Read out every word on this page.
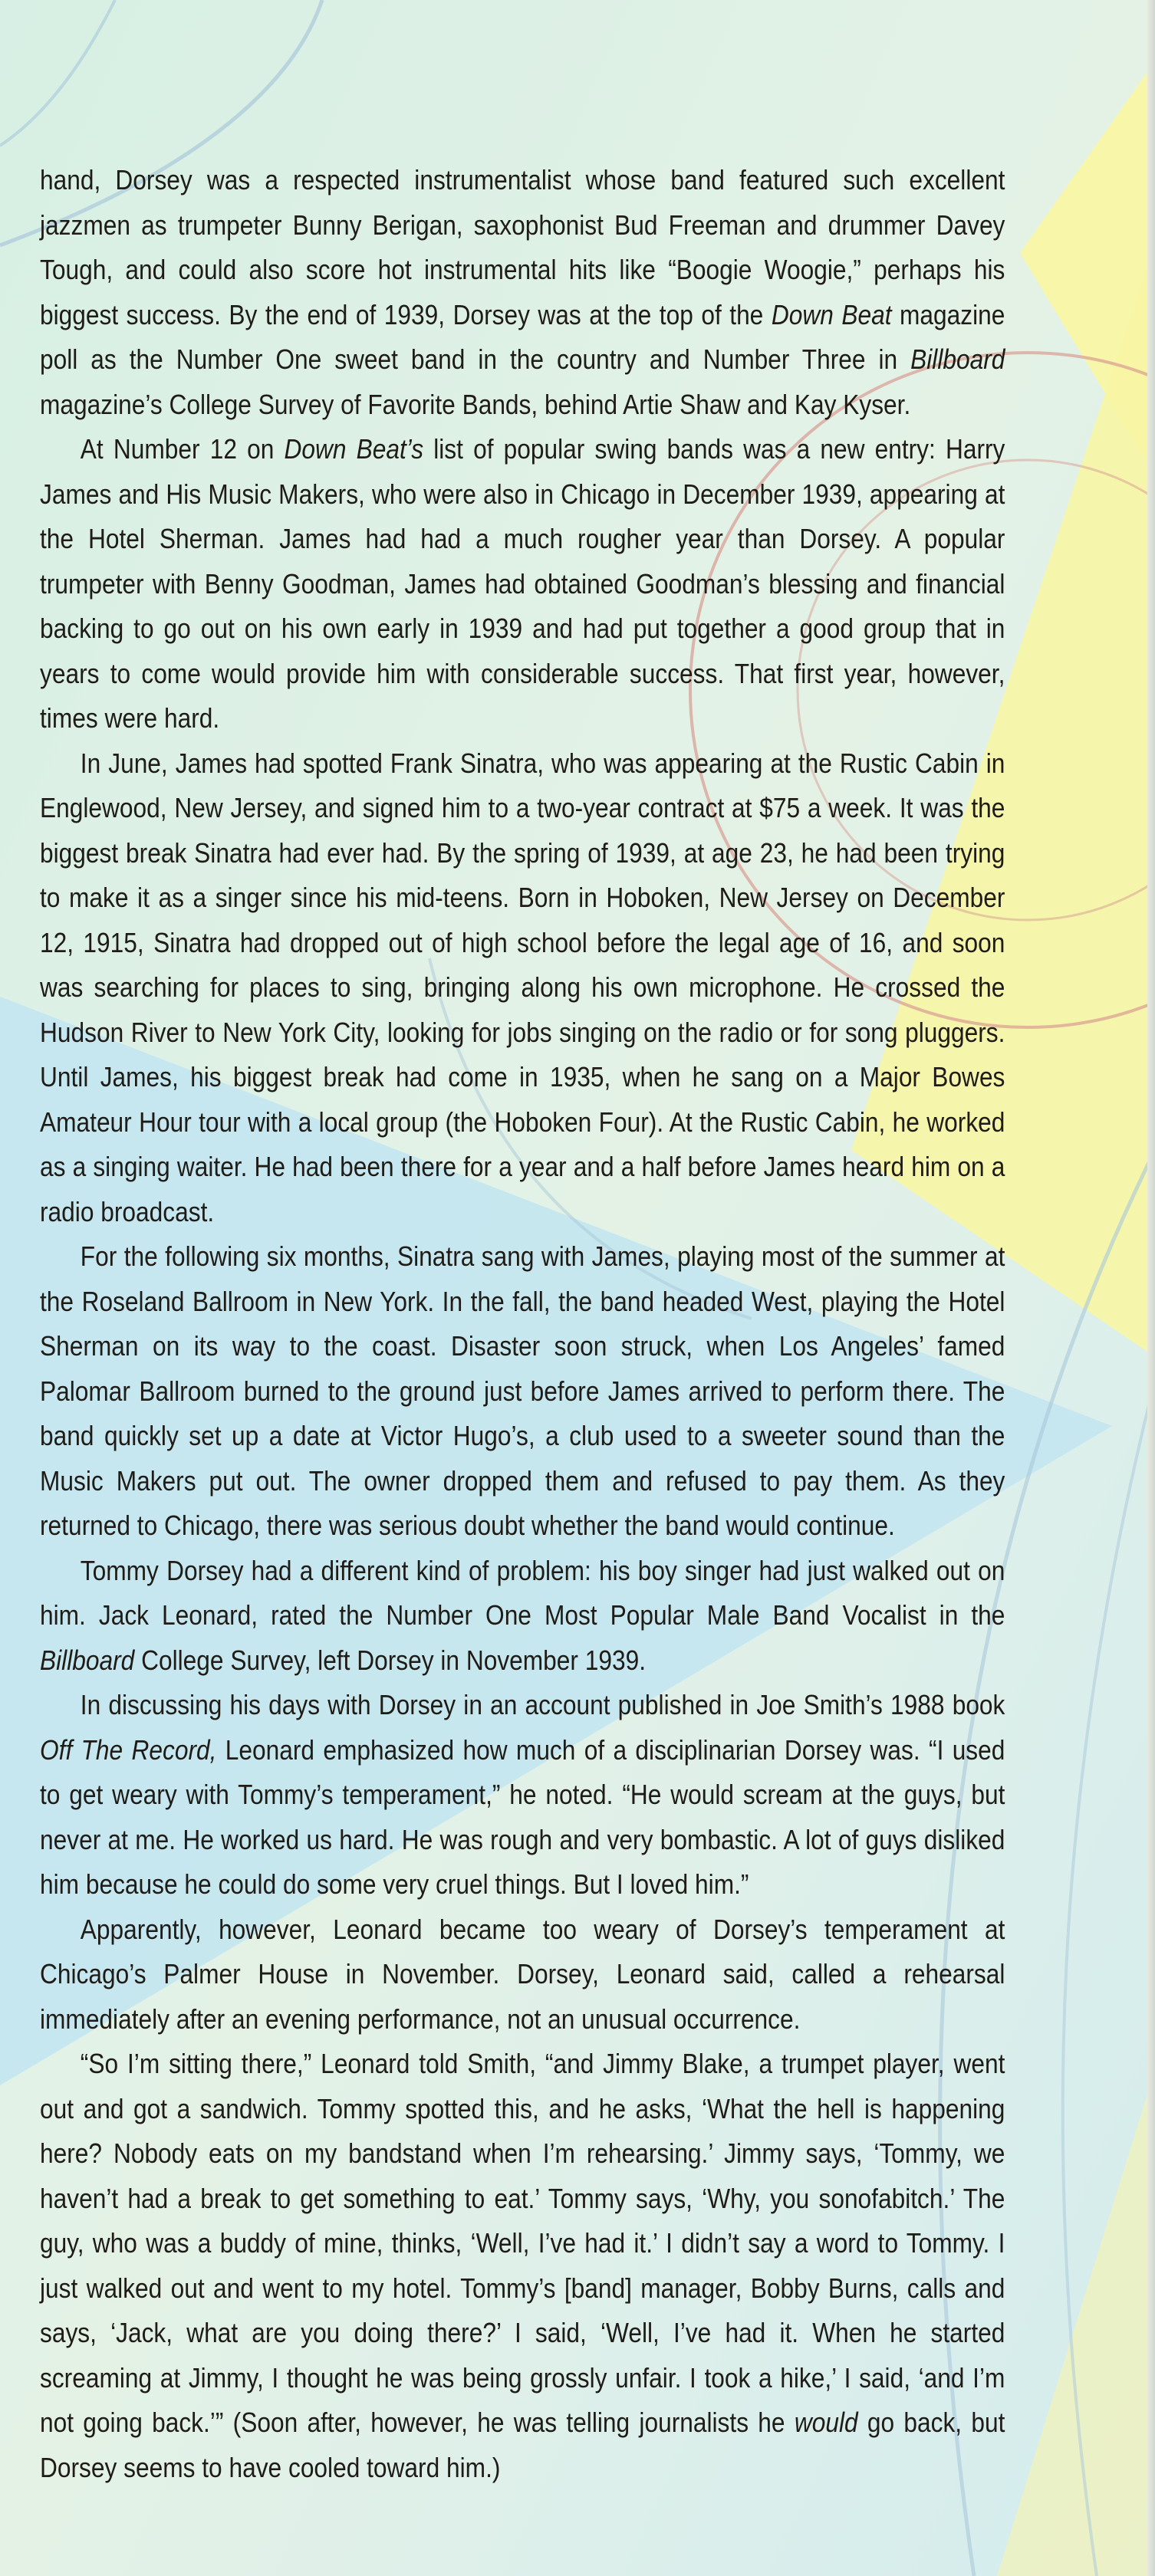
hand, Dorsey was a respected instrumentalist whose band featured such excellent jazzmen as trumpeter Bunny Berigan, saxophonist Bud Freeman and drummer Davey Tough, and could also score hot instrumental hits like “Boogie Woogie,” perhaps his biggest success. By the end of 1939, Dorsey was at the top of the Down Beat magazine poll as the Number One sweet band in the country and Number Three in Billboard magazine’s College Survey of Favorite Bands, behind Artie Shaw and Kay Kyser.

At Number 12 on Down Beat’s list of popular swing bands was a new entry: Harry James and His Music Makers, who were also in Chicago in December 1939, appearing at the Hotel Sherman. James had had a much rougher year than Dorsey. A popular trumpeter with Benny Goodman, James had obtained Goodman’s blessing and financial backing to go out on his own early in 1939 and had put together a good group that in years to come would provide him with considerable success. That first year, however, times were hard.

In June, James had spotted Frank Sinatra, who was appearing at the Rustic Cabin in Englewood, New Jersey, and signed him to a two-year contract at $75 a week. It was the biggest break Sinatra had ever had. By the spring of 1939, at age 23, he had been trying to make it as a singer since his mid-teens. Born in Hoboken, New Jersey on December 12, 1915, Sinatra had dropped out of high school before the legal age of 16, and soon was searching for places to sing, bringing along his own microphone. He crossed the Hudson River to New York City, looking for jobs singing on the radio or for song pluggers. Until James, his biggest break had come in 1935, when he sang on a Major Bowes Amateur Hour tour with a local group (the Hoboken Four). At the Rustic Cabin, he worked as a singing waiter. He had been there for a year and a half before James heard him on a radio broadcast.

For the following six months, Sinatra sang with James, playing most of the summer at the Roseland Ballroom in New York. In the fall, the band headed West, playing the Hotel Sherman on its way to the coast. Disaster soon struck, when Los Angeles’ famed Palomar Ballroom burned to the ground just before James arrived to perform there. The band quickly set up a date at Victor Hugo’s, a club used to a sweeter sound than the Music Makers put out. The owner dropped them and refused to pay them. As they returned to Chicago, there was serious doubt whether the band would continue.

Tommy Dorsey had a different kind of problem: his boy singer had just walked out on him. Jack Leonard, rated the Number One Most Popular Male Band Vocalist in the Billboard College Survey, left Dorsey in November 1939.

In discussing his days with Dorsey in an account published in Joe Smith’s 1988 book Off The Record, Leonard emphasized how much of a disciplinarian Dorsey was. “I used to get weary with Tommy’s temperament,” he noted. “He would scream at the guys, but never at me. He worked us hard. He was rough and very bombastic. A lot of guys disliked him because he could do some very cruel things. But I loved him.”

Apparently, however, Leonard became too weary of Dorsey’s temperament at Chicago’s Palmer House in November. Dorsey, Leonard said, called a rehearsal immediately after an evening performance, not an unusual occurrence.

“So I’m sitting there,” Leonard told Smith, “and Jimmy Blake, a trumpet player, went out and got a sandwich. Tommy spotted this, and he asks, ‘What the hell is happening here? Nobody eats on my bandstand when I’m rehearsing.’ Jimmy says, ‘Tommy, we haven’t had a break to get something to eat.’ Tommy says, ‘Why, you sonofabitch.’ The guy, who was a buddy of mine, thinks, ‘Well, I’ve had it.’ I didn’t say a word to Tommy. I just walked out and went to my hotel. Tommy’s [band] manager, Bobby Burns, calls and says, ‘Jack, what are you doing there?’ I said, ‘Well, I’ve had it. When he started screaming at Jimmy, I thought he was being grossly unfair. I took a hike,’ I said, ‘and I’m not going back.’” (Soon after, however, he was telling journalists he would go back, but Dorsey seems to have cooled toward him.)
